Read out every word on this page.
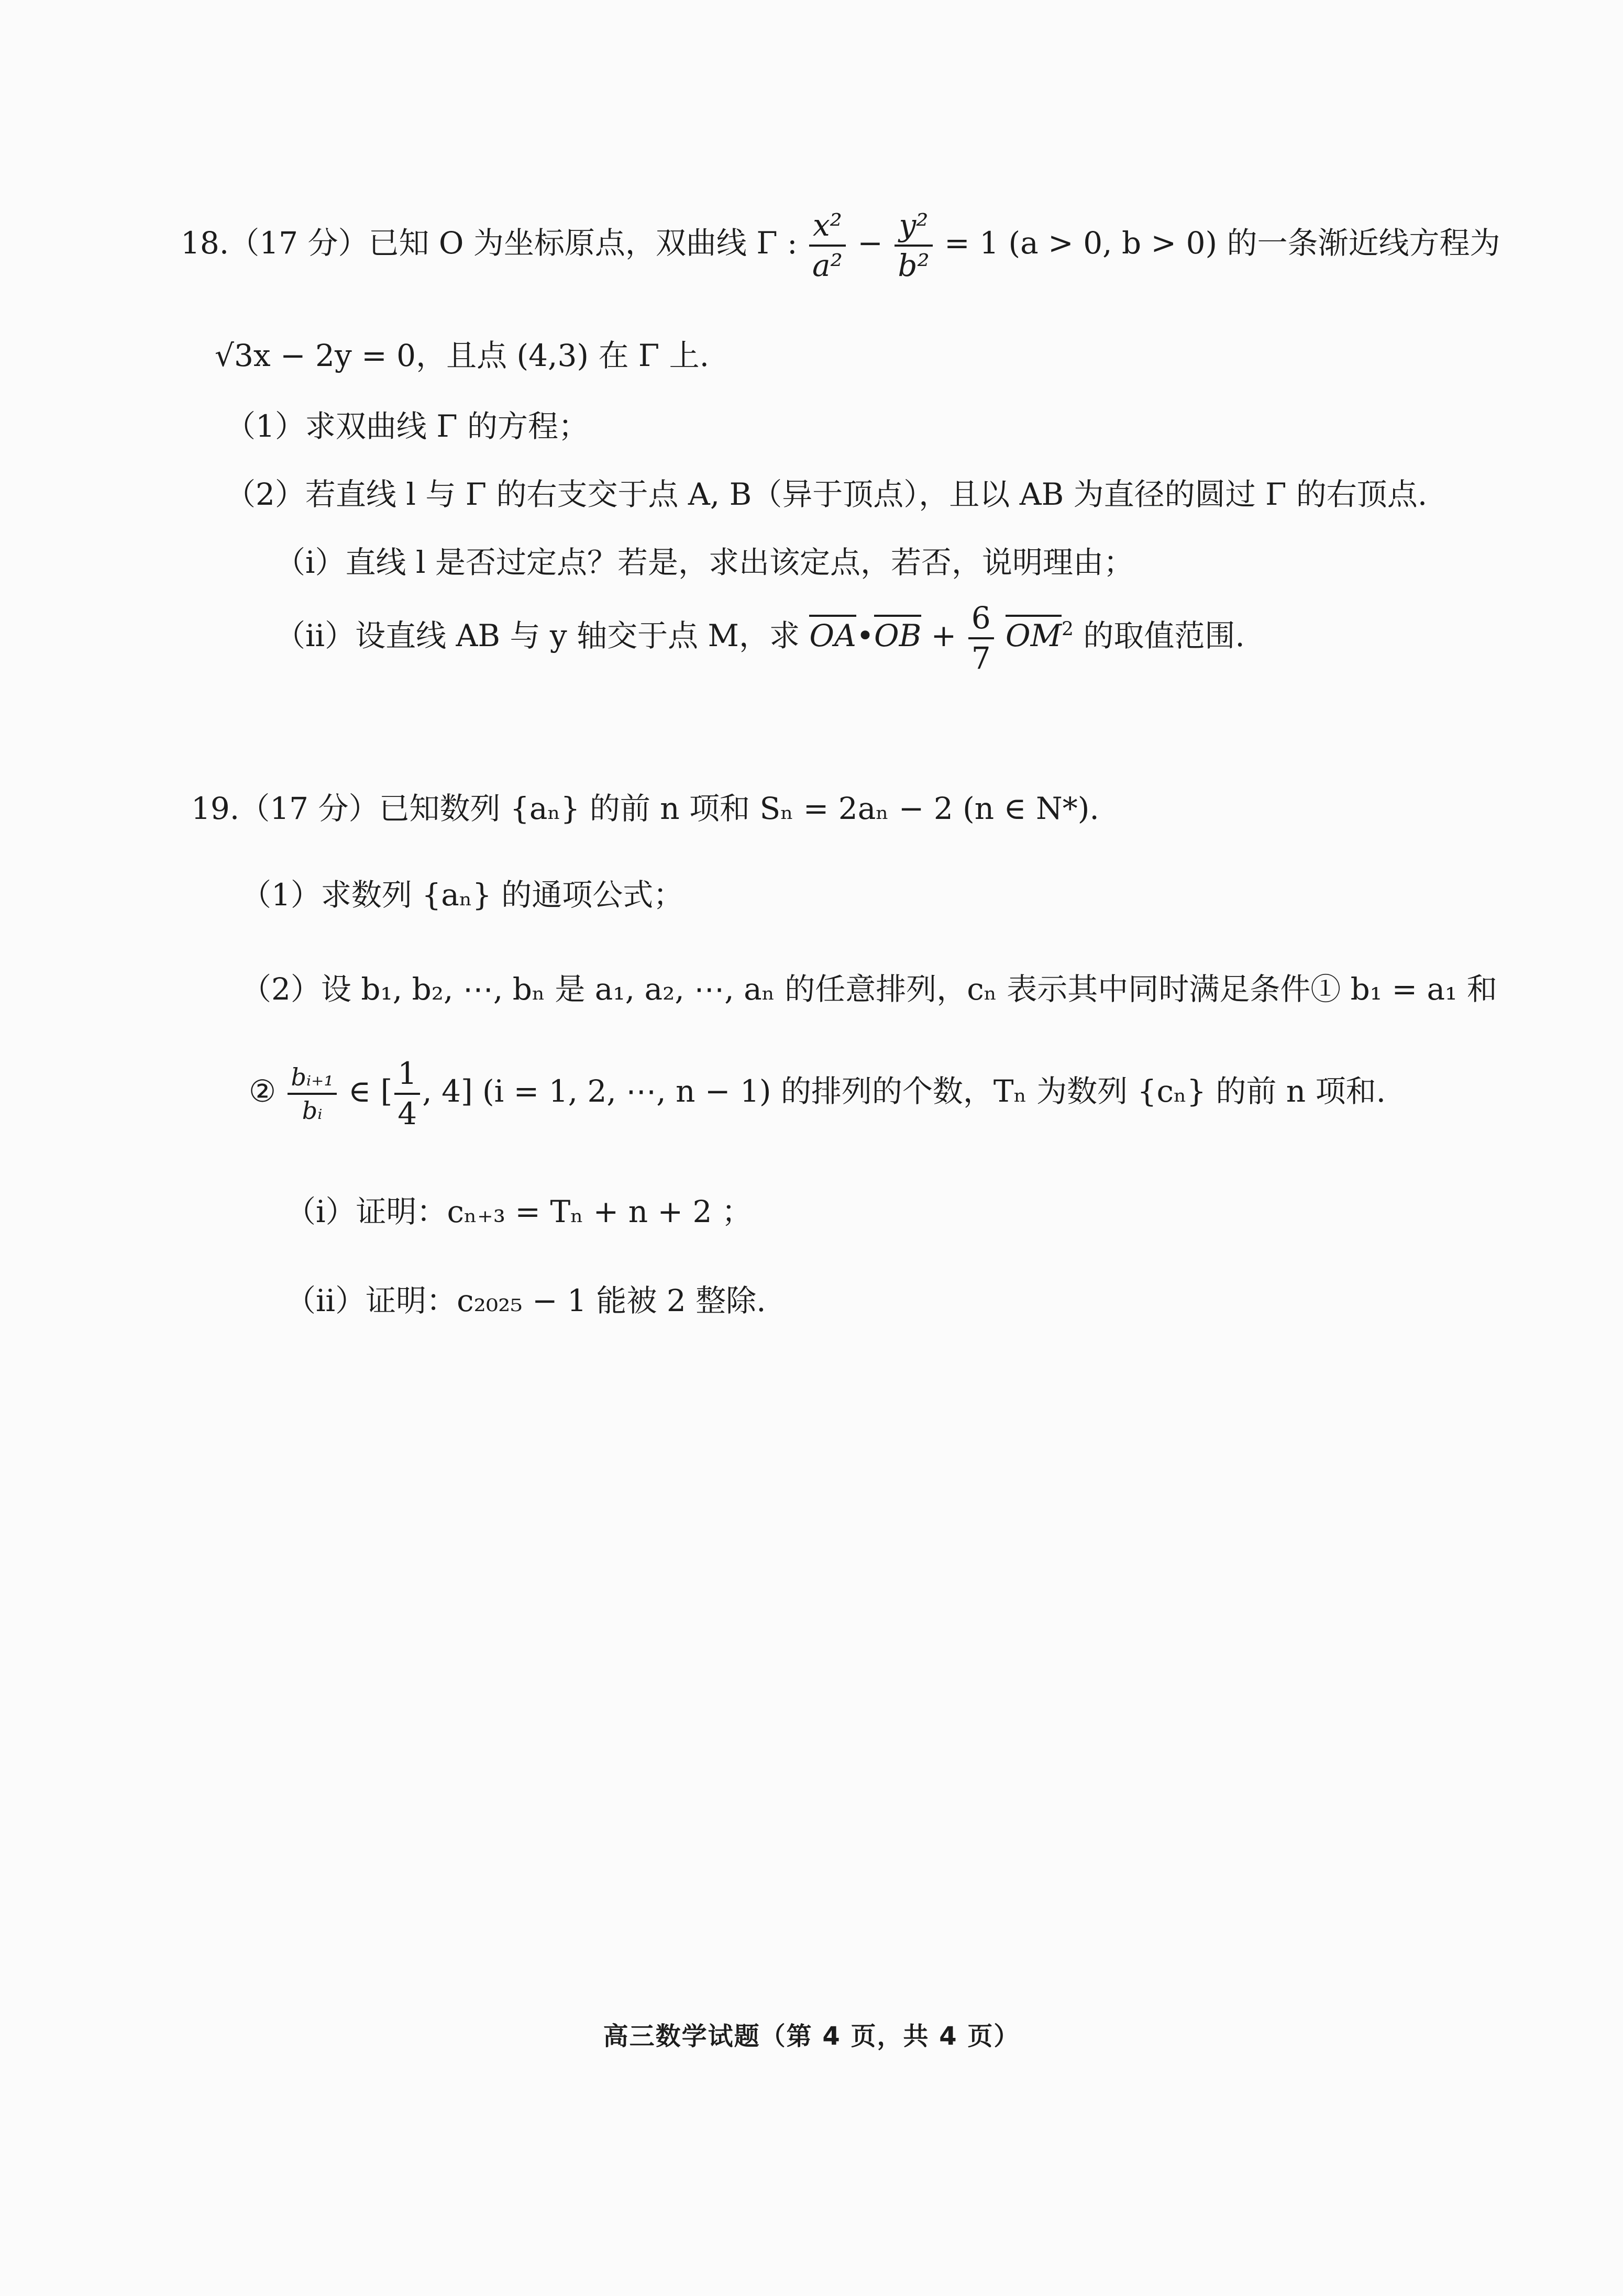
18.（17 分）已知 O 为坐标原点，双曲线 Γ : $\frac{\text{x²}}{\text{a²}} - \frac{\text{y²}}{\text{b²}} = 1$ (a > 0, b > 0) 的一条渐近线方程为
√3x − 2y = 0，且点 (4,3) 在 Γ 上.
（1）求双曲线 Γ 的方程；
（2）若直线 l 与 Γ 的右支交于点 A, B（异于顶点），且以 AB 为直径的圆过 Γ 的右顶点.
（i）直线 l 是否过定点？若是，求出该定点，若否，说明理由；
（ii）设直线 AB 与 y 轴交于点 M，求 OA•OB + $\frac{6}{7} OM^2$ 的取值范围.
19.（17 分）已知数列 {aₙ} 的前 n 项和 Sₙ = 2aₙ − 2 (n ∈ N*).
（1）求数列 {aₙ} 的通项公式；
（2）设 b₁, b₂, ⋯, bₙ 是 a₁, a₂, ⋯, aₙ 的任意排列，cₙ 表示其中同时满足条件① b₁ = a₁ 和
② $\frac{\text{bᵢ₊₁}}{\text{bᵢ}}$ ∈ [ $\frac{1}{4}$ , 4] (i = 1, 2, ⋯, n − 1) 的排列的个数，Tₙ 为数列 {cₙ} 的前 n 项和.
（i）证明：cₙ₊₃ = Tₙ + n + 2 ；
（ii）证明：c₂₀₂₅ − 1 能被 2 整除.
高三数学试题（第 4 页，共 4 页）
